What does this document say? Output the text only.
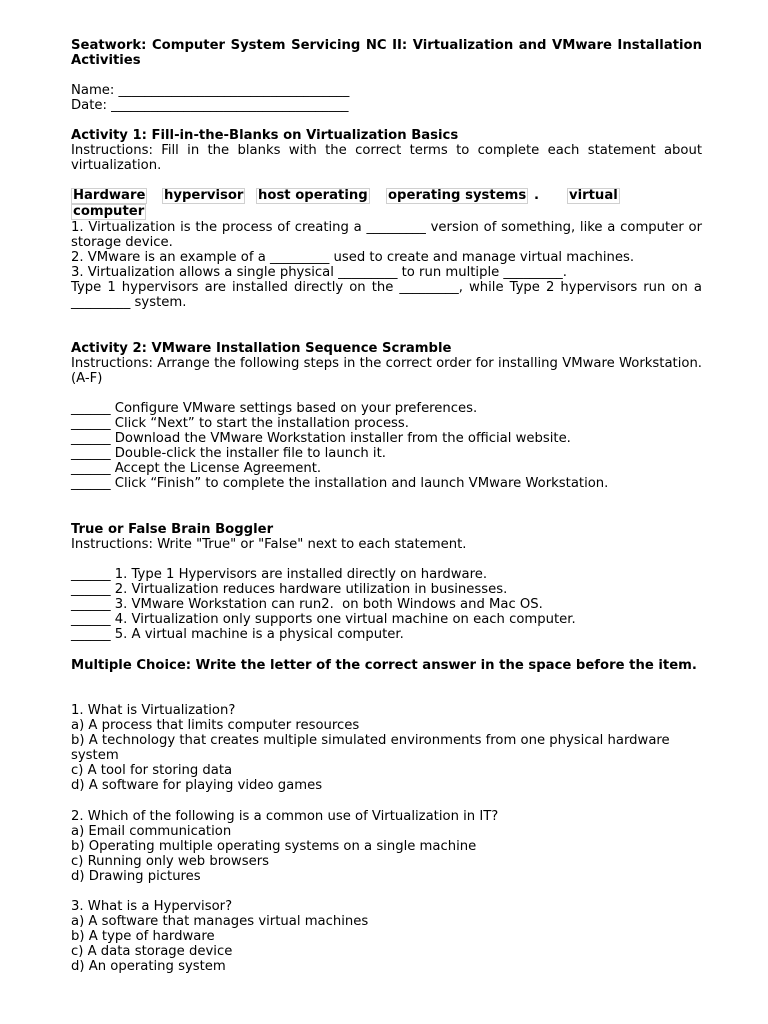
Seatwork: Computer System Servicing NC II: Virtualization and VMware Installation Activities

Name: ___________________________________

Date: ____________________________________

Activity 1: Fill-in-the-Blanks on Virtualization Basics

Instructions: Fill in the blanks with the correct terms to complete each statement about virtualization.

Hardware hypervisor host operating operating systems . virtual
computer

1. Virtualization is the process of creating a _________ version of something, like a computer or storage device.

2. VMware is an example of a _________ used to create and manage virtual machines.

3. Virtualization allows a single physical _________ to run multiple _________.

Type 1 hypervisors are installed directly on the _________, while Type 2 hypervisors run on a _________ system.

Activity 2: VMware Installation Sequence Scramble

Instructions: Arrange the following steps in the correct order for installing VMware Workstation. (A-F)

______ Configure VMware settings based on your preferences.

______ Click “Next” to start the installation process.

______ Download the VMware Workstation installer from the official website.

______ Double-click the installer file to launch it.

______ Accept the License Agreement.

______ Click “Finish” to complete the installation and launch VMware Workstation.

True or False Brain Boggler

Instructions: Write "True" or "False" next to each statement.

______ 1. Type 1 Hypervisors are installed directly on hardware.

______ 2. Virtualization reduces hardware utilization in businesses.

______ 3. VMware Workstation can run2.  on both Windows and Mac OS.

______ 4. Virtualization only supports one virtual machine on each computer.

______ 5. A virtual machine is a physical computer.

Multiple Choice: Write the letter of the correct answer in the space before the item.

1. What is Virtualization?

a) A process that limits computer resources

b) A technology that creates multiple simulated environments from one physical hardware system

c) A tool for storing data

d) A software for playing video games

2. Which of the following is a common use of Virtualization in IT?

a) Email communication

b) Operating multiple operating systems on a single machine

c) Running only web browsers

d) Drawing pictures

3. What is a Hypervisor?

a) A software that manages virtual machines

b) A type of hardware

c) A data storage device

d) An operating system
